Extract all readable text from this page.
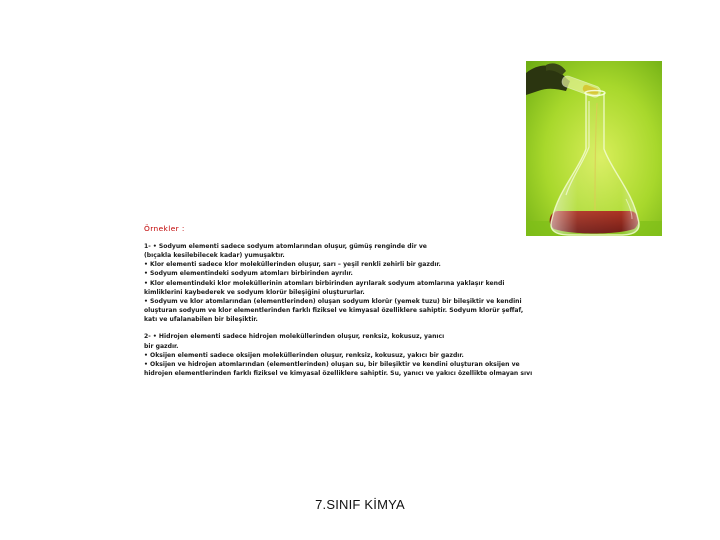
Örnekler :
1- • Sodyum elementi sadece sodyum atomlarından oluşur, gümüş renginde dir ve
(bıçakla kesilebilecek kadar) yumuşaktır.
• Klor elementi sadece klor moleküllerinden oluşur, sarı – yeşil renkli zehirli bir gazdır.
• Sodyum elementindeki sodyum atomları birbirinden ayrılır.
• Klor elementindeki klor moleküllerinin atomları birbirinden ayrılarak sodyum atomlarına yaklaşır kendi
kimliklerini kaybederek ve sodyum klorür bileşiğini oluştururlar.
• Sodyum ve klor atomlarından (elementlerinden) oluşan sodyum klorür (yemek tuzu) bir bileşiktir ve kendini
oluşturan sodyum ve klor elementlerinden farklı fiziksel ve kimyasal özelliklere sahiptir. Sodyum klorür şeffaf,
katı ve ufalanabilen bir bileşiktir.
2- • Hidrojen elementi sadece hidrojen moleküllerinden oluşur, renksiz, kokusuz, yanıcı
bir gazdır.
• Oksijen elementi sadece oksijen moleküllerinden oluşur, renksiz, kokusuz, yakıcı bir gazdır.
• Oksijen ve hidrojen atomlarından (elementlerinden) oluşan su, bir bileşiktir ve kendini oluşturan oksijen ve
hidrojen elementlerinden farklı fiziksel ve kimyasal özelliklere sahiptir. Su, yanıcı ve yakıcı özellikte olmayan sıvı
7.SINIF KİMYA
